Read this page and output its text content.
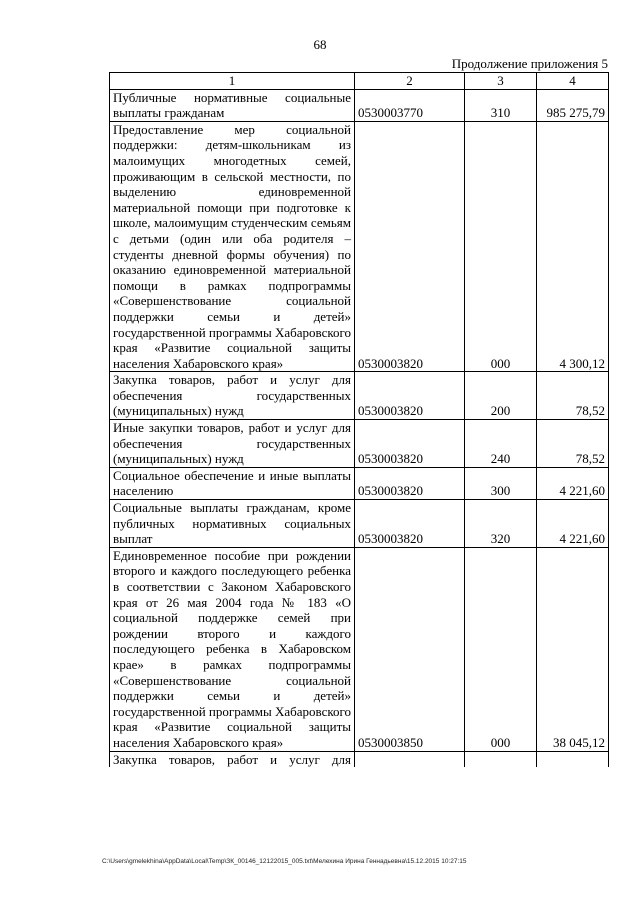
68
Продолжение приложения 5
1	2	3	4

Публичные нормативные социальные выплаты гражданам	0530003770	310	985 275,79

Предоставление мер социальной поддержки: детям-школьникам из малоимущих многодетных семей, проживающим в сельской местности, по выделению единовременной материальной помощи при подготовке к школе, малоимущим студенческим семьям с детьми (один или оба родителя – студенты дневной формы обучения) по оказанию единовременной материальной помощи в рамках подпрограммы «Совершенствование социальной поддержки семьи и детей» государственной программы Хабаровского края «Развитие социальной защиты населения Хабаровского края»	0530003820	000	4 300,12

Закупка товаров, работ и услуг для обеспечения государственных (муниципальных) нужд	0530003820	200	78,52

Иные закупки товаров, работ и услуг для обеспечения государственных (муниципальных) нужд	0530003820	240	78,52

Социальное обеспечение и иные выплаты населению	0530003820	300	4 221,60

Социальные выплаты гражданам, кроме публичных нормативных социальных выплат	0530003820	320	4 221,60

Единовременное пособие при рождении второго и каждого последующего ребенка в соответствии с Законом Хабаровского края от 26 мая 2004 года № 183 «О социальной поддержке семей при рождении второго и каждого последующего ребенка в Хабаровском крае» в рамках подпрограммы «Совершенствование социальной поддержки семьи и детей» государственной программы Хабаровского края «Развитие социальной защиты населения Хабаровского края»	0530003850	000	38 045,12
Закупка товаров, работ и услуг для			
C:\Users\gmelekhina\AppData\Local\Temp\ЗК_00146_12122015_005.txt\Мелехина Ирина Геннадьевна\15.12.2015 10:27:15
